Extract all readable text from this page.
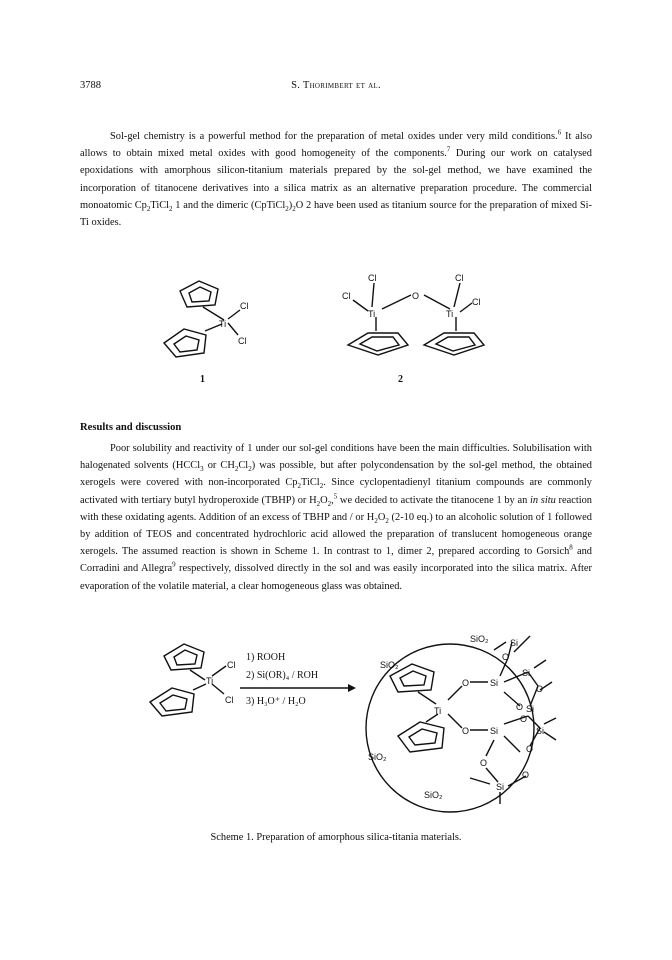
3788	S. Thorimbert et al.

Sol-gel chemistry is a powerful method for the preparation of metal oxides under very mild conditions.$^6$ It also allows to obtain mixed metal oxides with good homogeneity of the components.$^7$ During our work on catalysed epoxidations with amorphous silicon-titanium materials prepared by the sol-gel method, we have examined the incorporation of titanocene derivatives into a silica matrix as an alternative preparation procedure. The commercial monoatomic $Cp_2TiCl_2$ 1 and the dimeric $(CpTiCl_2)_2O$ 2 have been used as titanium source for the preparation of mixed Si-Ti oxides.

Ti
Cl
Cl
1
Cl
Cl
Ti
O
Cl
Ti
Cl
2
Results and discussion

Poor solubility and reactivity of 1 under our sol-gel conditions have been the main difficulties. Solubilisation with halogenated solvents (HCCl$_3$ or $CH_2Cl_2$) was possible, but after polycondensation by the sol-gel method, the obtained xerogels were covered with non-incorporated $Cp_2TiCl_2$. Since cyclopentadienyl titanium compounds are commonly activated with tertiary butyl hydroperoxide (TBHP) or $H_2O_2,^5$ we decided to activate the titanocene 1 by an in situ reaction with these oxidating agents. Addition of an excess of TBHP and / or $H_2O_2$ (2-10 eq.) to an alcoholic solution of 1 followed by addition of TEOS and concentrated hydrochloric acid allowed the preparation of translucent homogeneous orange xerogels. The assumed reaction is shown in Scheme 1. In contrast to 1, dimer 2, prepared according to Gorsich$^8$ and Corradini and Allegra$^9$ respectively, dissolved directly in the sol and was easily incorporated into the silica matrix. After evaporation of the volatile material, a clear homogeneous glass was obtained.

Ti
Cl
Cl
1) ROOH
2) Si(OR)₄ / ROH
3) H₃O⁺ / H₂O
SiO₂
SiO₂
SiO₂
SiO₂
Ti
O
O
Si
Si
O
Si
Si
O
Si
O
O
Si
O
O
Si
O
Scheme 1. Preparation of amorphous silica-titania materials.
